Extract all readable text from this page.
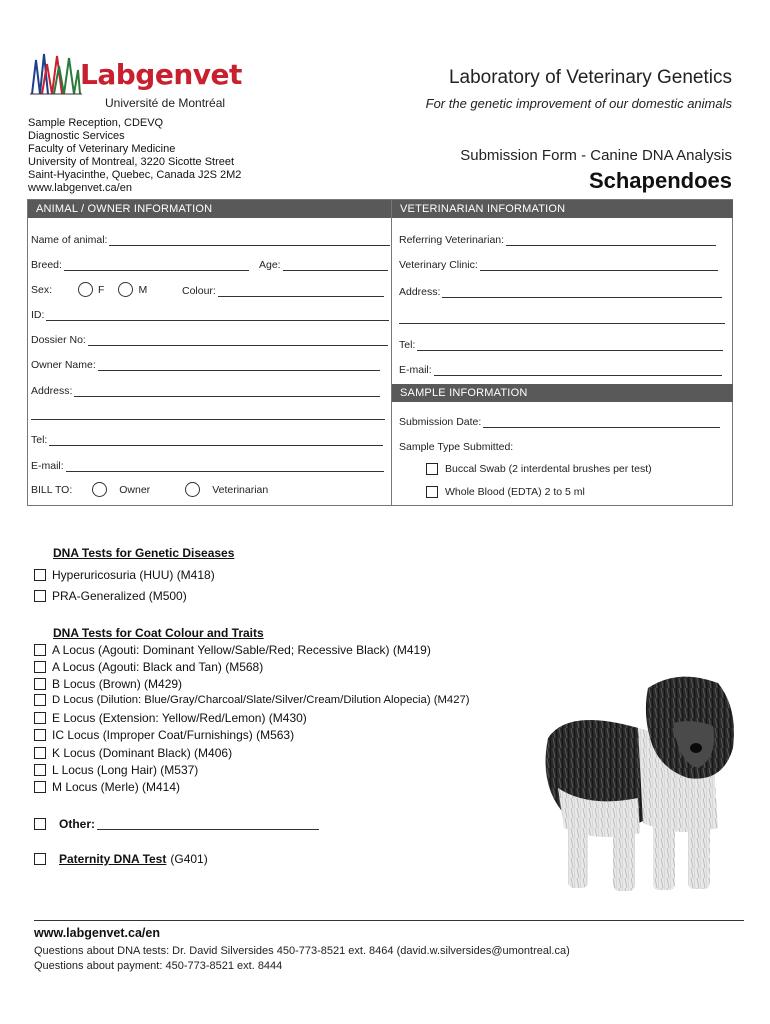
Labgenvet
Université de Montréal
Laboratory of Veterinary Genetics
For the genetic improvement of our domestic animals
Sample Reception, CDEVQ
Diagnostic Services
Faculty of Veterinary Medicine
University of Montreal, 3220 Sicotte Street
Saint-Hyacinthe, Quebec, Canada J2S 2M2
www.labgenvet.ca/en
Submission Form - Canine DNA Analysis
Schapendoes
ANIMAL / OWNER INFORMATION	VETERINARIAN INFORMATION
Name of animal:
Breed:	Age:
Sex:	F	M	Colour:
ID:
Dossier No:
Owner Name:
Address:
Tel:
E-mail:
BILL TO:	Owner	Veterinarian
Referring Veterinarian:
Veterinary Clinic:
Address:
Tel:
E-mail:
SAMPLE INFORMATION
Submission Date:
Sample Type Submitted:
Buccal Swab (2 interdental brushes per test)
Whole Blood (EDTA) 2 to 5 ml
DNA Tests for Genetic Diseases
Hyperuricosuria (HUU) (M418)
PRA-Generalized (M500)
DNA Tests for Coat Colour and Traits
A Locus (Agouti: Dominant Yellow/Sable/Red; Recessive Black) (M419)
A Locus (Agouti: Black and Tan) (M568)
B Locus (Brown) (M429)
D Locus (Dilution: Blue/Gray/Charcoal/Slate/Silver/Cream/Dilution Alopecia) (M427)
E Locus (Extension: Yellow/Red/Lemon) (M430)
IC Locus (Improper Coat/Furnishings) (M563)
K Locus (Dominant Black) (M406)
L Locus (Long Hair) (M537)
M Locus (Merle) (M414)
Other:
Paternity DNA Test (G401)
www.labgenvet.ca/en
Questions about DNA tests: Dr. David Silversides 450-773-8521 ext. 8464 (david.w.silversides@umontreal.ca)
Questions about payment: 450-773-8521 ext. 8444
